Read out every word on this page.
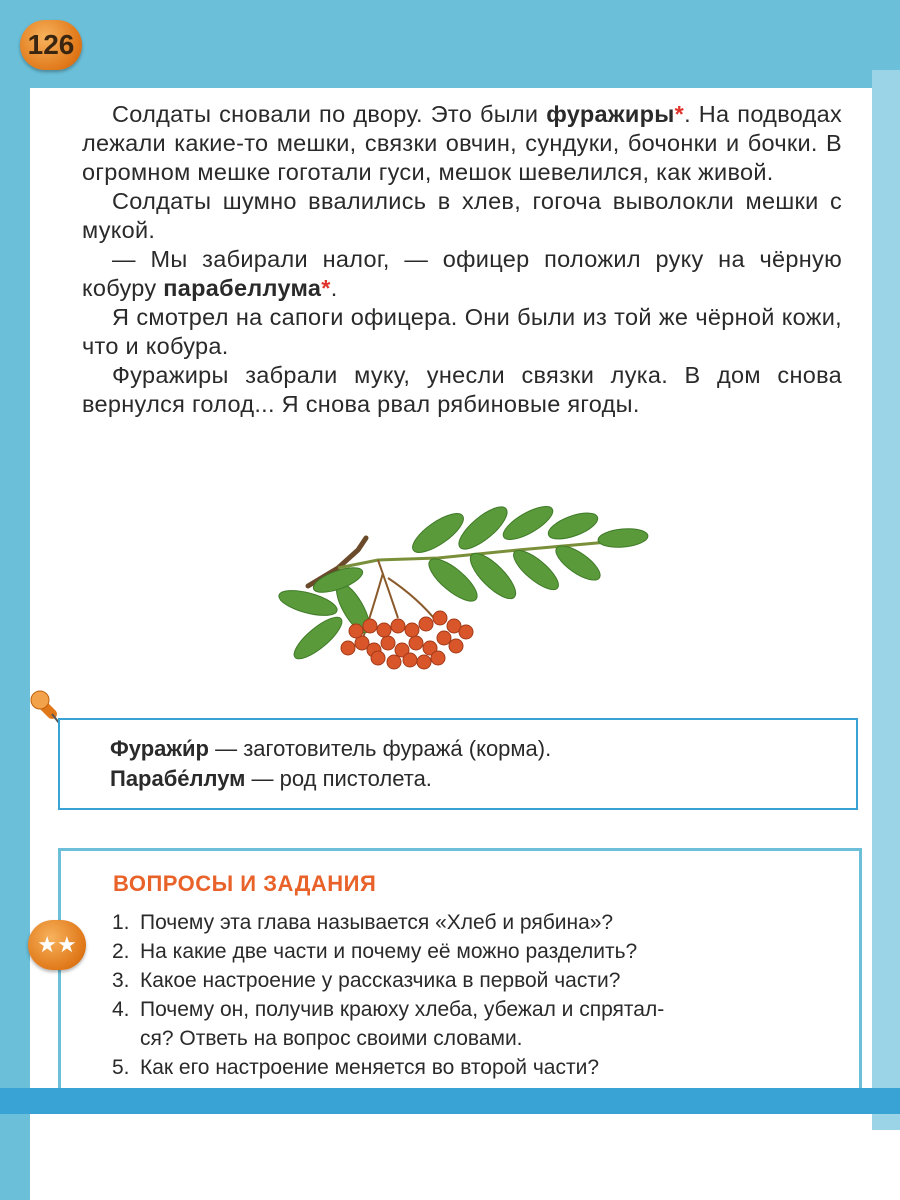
126

Солдаты сновали по двору. Это были фуражиры*. На подводах лежали какие-то мешки, связки овчин, сундуки, бочонки и бочки. В огромном мешке гоготали гуси, мешок шевелился, как живой.

Солдаты шумно ввалились в хлев, гогоча выволокли мешки с мукой.

— Мы забирали налог, — офицер положил руку на чёрную кобуру парабеллума*.

Я смотрел на сапоги офицера. Они были из той же чёрной кожи, что и кобура.

Фуражиры забрали муку, унесли связки лука. В дом снова вернулся голод... Я снова рвал рябиновые ягоды.

Фуражи́р — заготовитель фуража́ (корма).
Парабе́ллум — род пистолета.
ВОПРОСЫ И ЗАДАНИЯ
★★
1. Почему эта глава называется «Хлеб и рябина»?
2. На какие две части и почему её можно разделить?
3. Какое настроение у рассказчика в первой части?
4. Почему он, получив краюху хлеба, убежал и спрятал-
ся? Ответь на вопрос своими словами.
5. Как его настроение меняется во второй части?
